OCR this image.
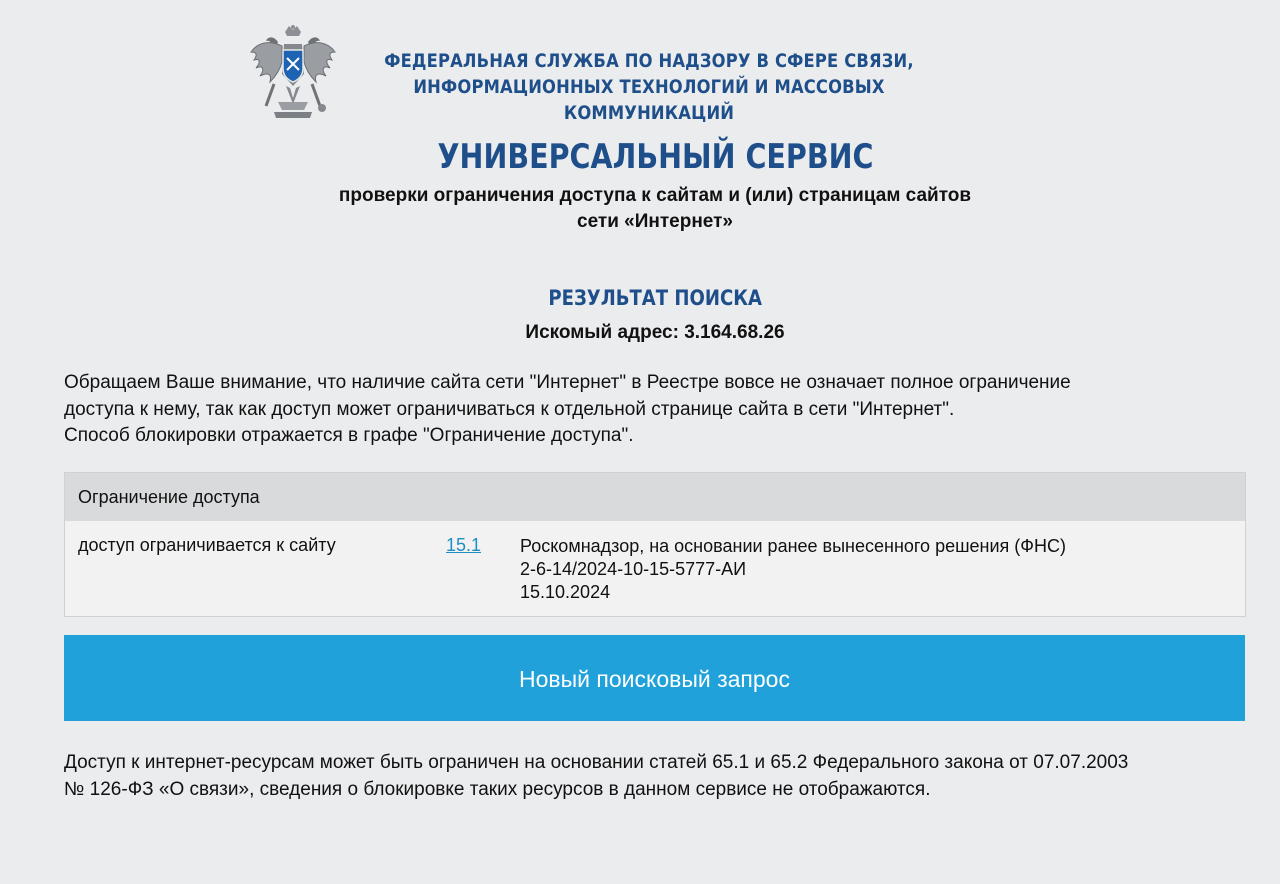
ФЕДЕРАЛЬНАЯ СЛУЖБА ПО НАДЗОРУ В СФЕРЕ СВЯЗИ,
ИНФОРМАЦИОННЫХ ТЕХНОЛОГИЙ И МАССОВЫХ КОММУНИКАЦИЙ
УНИВЕРСАЛЬНЫЙ СЕРВИС
проверки ограничения доступа к сайтам и (или) страницам сайтов
сети «Интернет»
РЕЗУЛЬТАТ ПОИСКА
Искомый адрес: 3.164.68.26

Обращаем Ваше внимание, что наличие сайта сети "Интернет" в Реестре вовсе не означает полное ограничение

доступа к нему, так как доступ может ограничиваться к отдельной странице сайта в сети "Интернет".

Способ блокировки отражается в графе "Ограничение доступа".

Ограничение доступа
доступ ограничивается к сайту	15.1 Роскомнадзор, на основании ранее вынесенного решения (ФНС)
2-6-14/2024-10-15-5777-АИ
15.10.2024
Новый поисковый запрос
Доступ к интернет-ресурсам может быть ограничен на основании статей 65.1 и 65.2 Федерального закона от 07.07.2003
№ 126-ФЗ «О связи», сведения о блокировке таких ресурсов в данном сервисе не отображаются.
